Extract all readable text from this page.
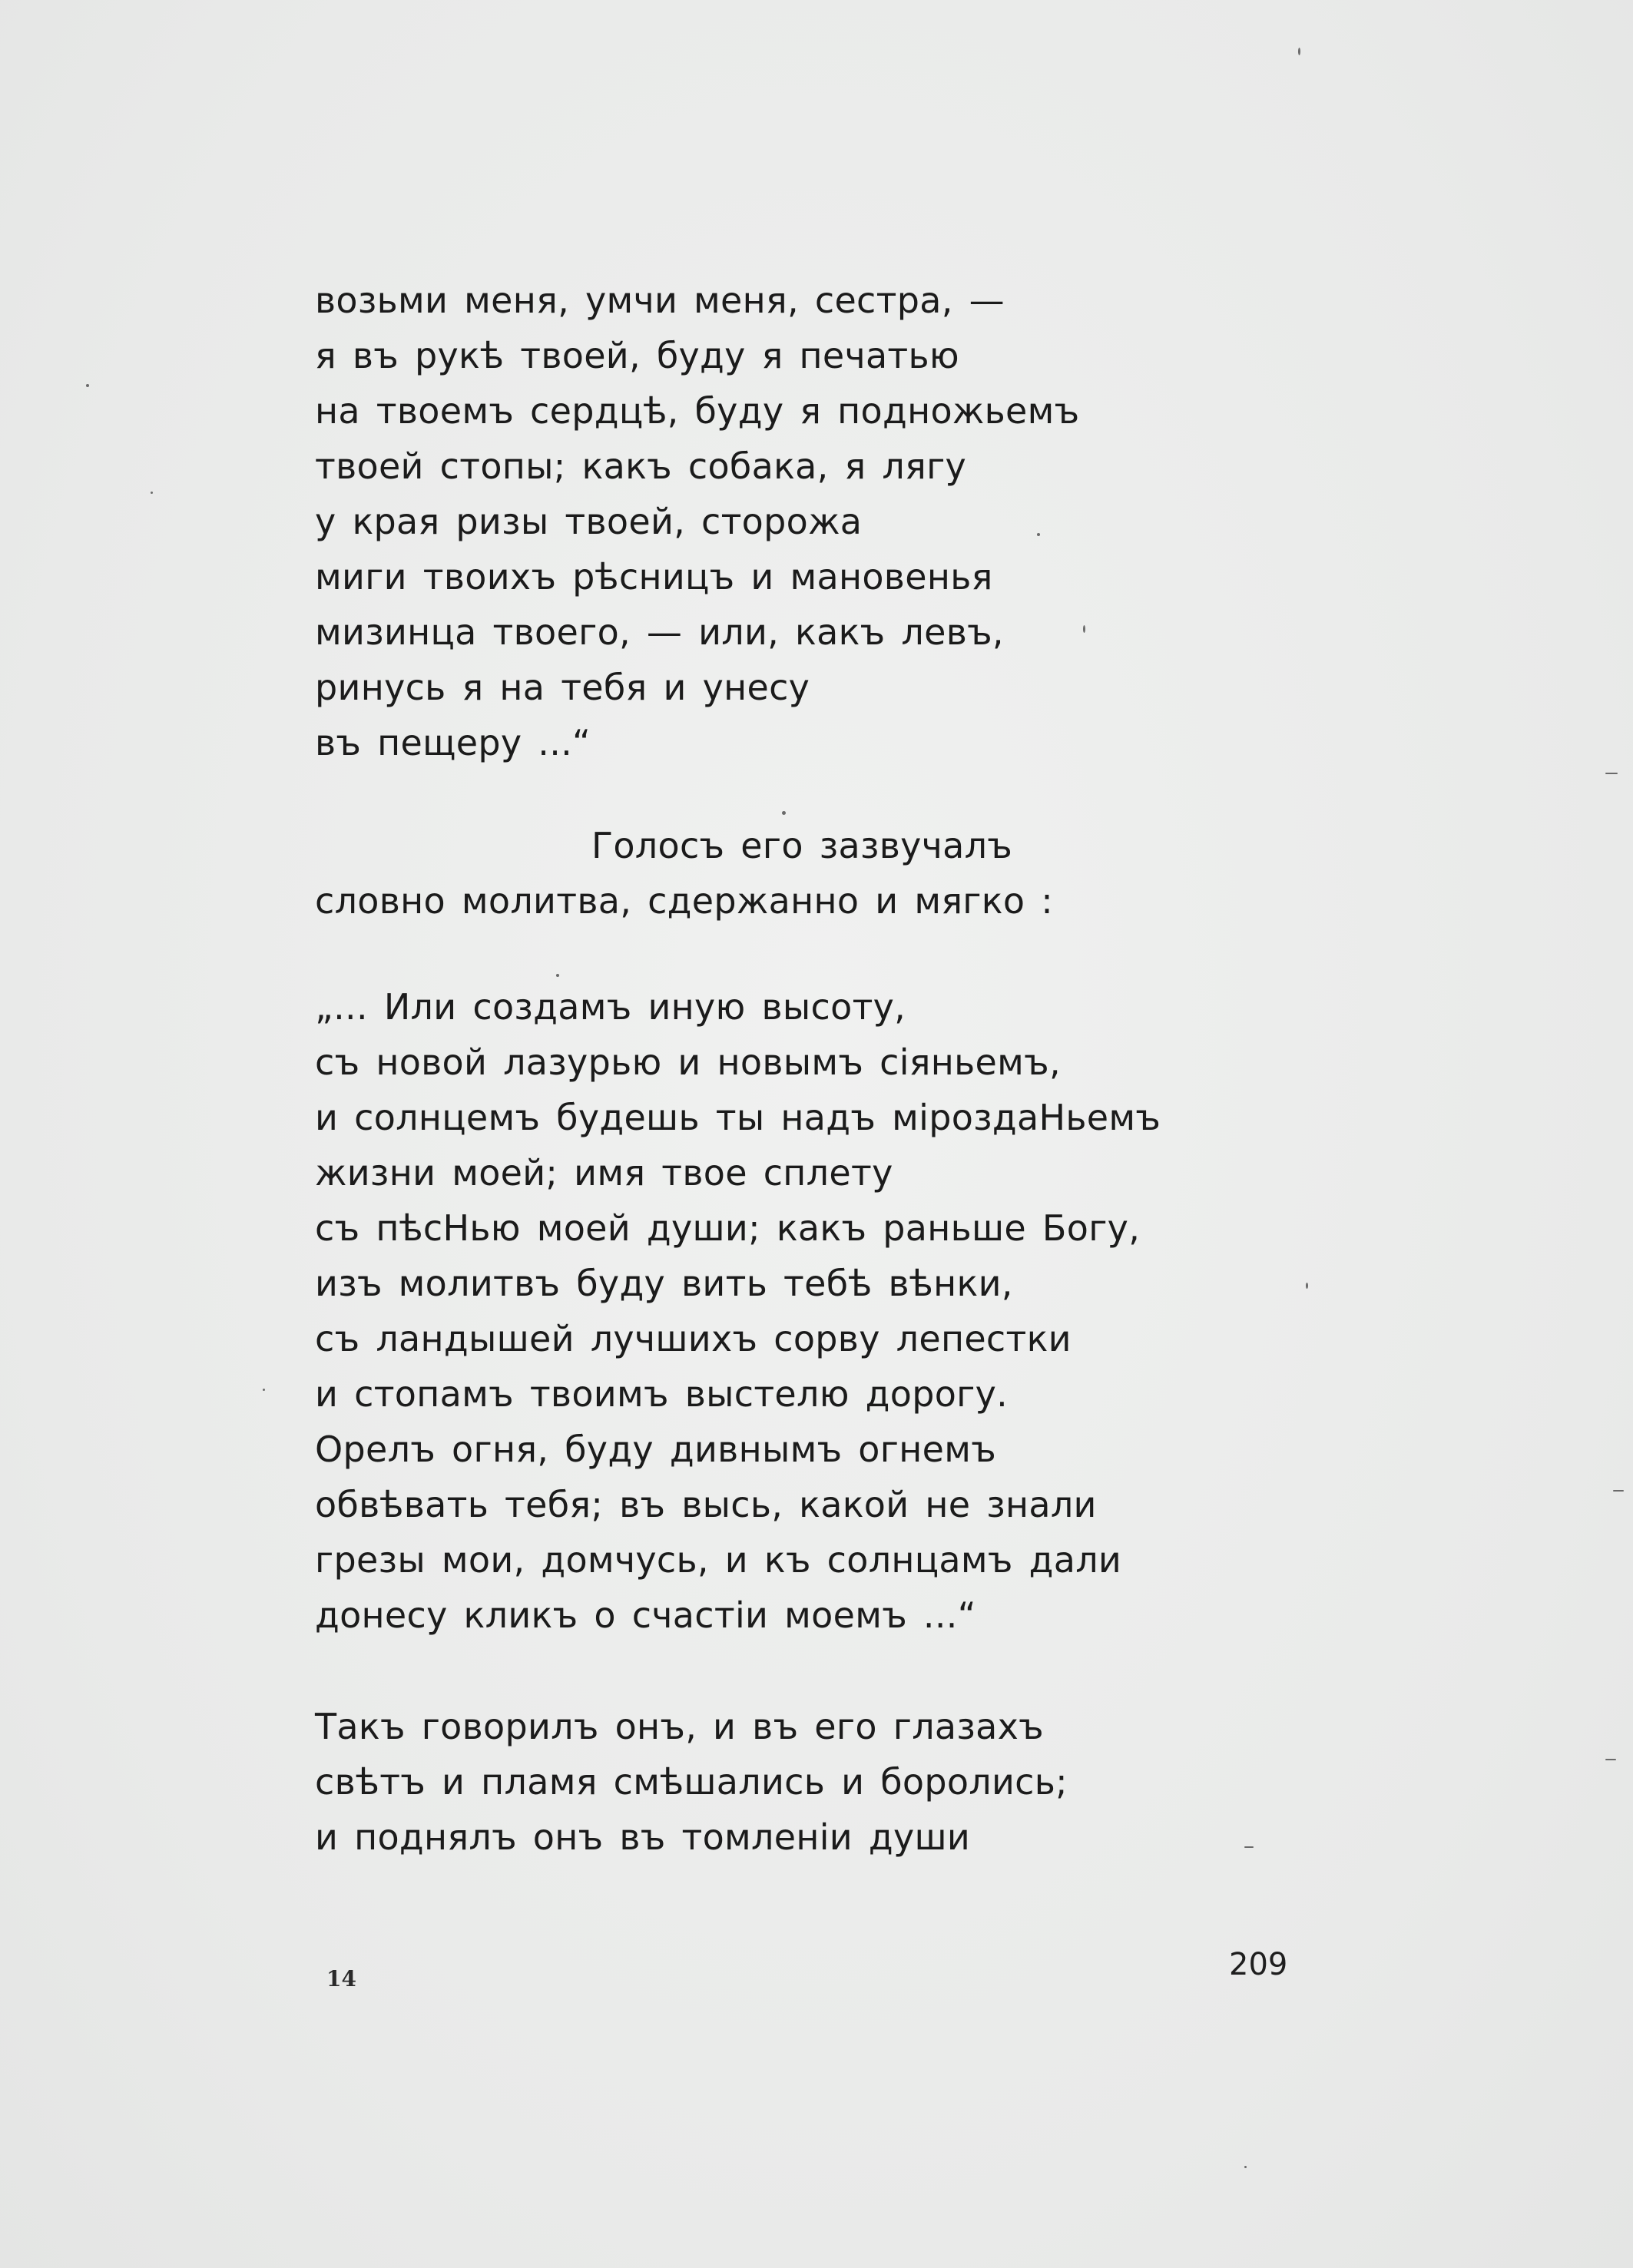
возьми меня, умчи меня, сестра, —
я въ рукѣ твоей, буду я печатью
на твоемъ сердцѣ, буду я подножьемъ
твоей стопы; какъ собака, я лягу
у края ризы твоей, сторожа
миги твоихъ рѣсницъ и мановенья
мизинца твоего, — или, какъ левъ,
ринусь я на тебя и унесу
въ пещеру ...“
Голосъ его зазвучалъ
словно молитва, сдержанно и мягко :
„... Или создамъ иную высоту,
съ новой лазурью и новымъ сіяньемъ,
и солнцемъ будешь ты надъ міроздаНьемъ
жизни моей; имя твое сплету
съ пѣсНью моей души; какъ раньше Богу,
изъ молитвъ буду вить тебѣ вѣнки,
съ ландышей лучшихъ сорву лепестки
и стопамъ твоимъ выстелю дорогу.
Орелъ огня, буду дивнымъ огнемъ
обвѣвать тебя; въ высь, какой не знали
грезы мои, домчусь, и къ солнцамъ дали
донесу кликъ о счастіи моемъ ...“
Такъ говорилъ онъ, и въ его глазахъ
свѣтъ и пламя смѣшались и боролись;
и поднялъ онъ въ томленіи души
14	209
